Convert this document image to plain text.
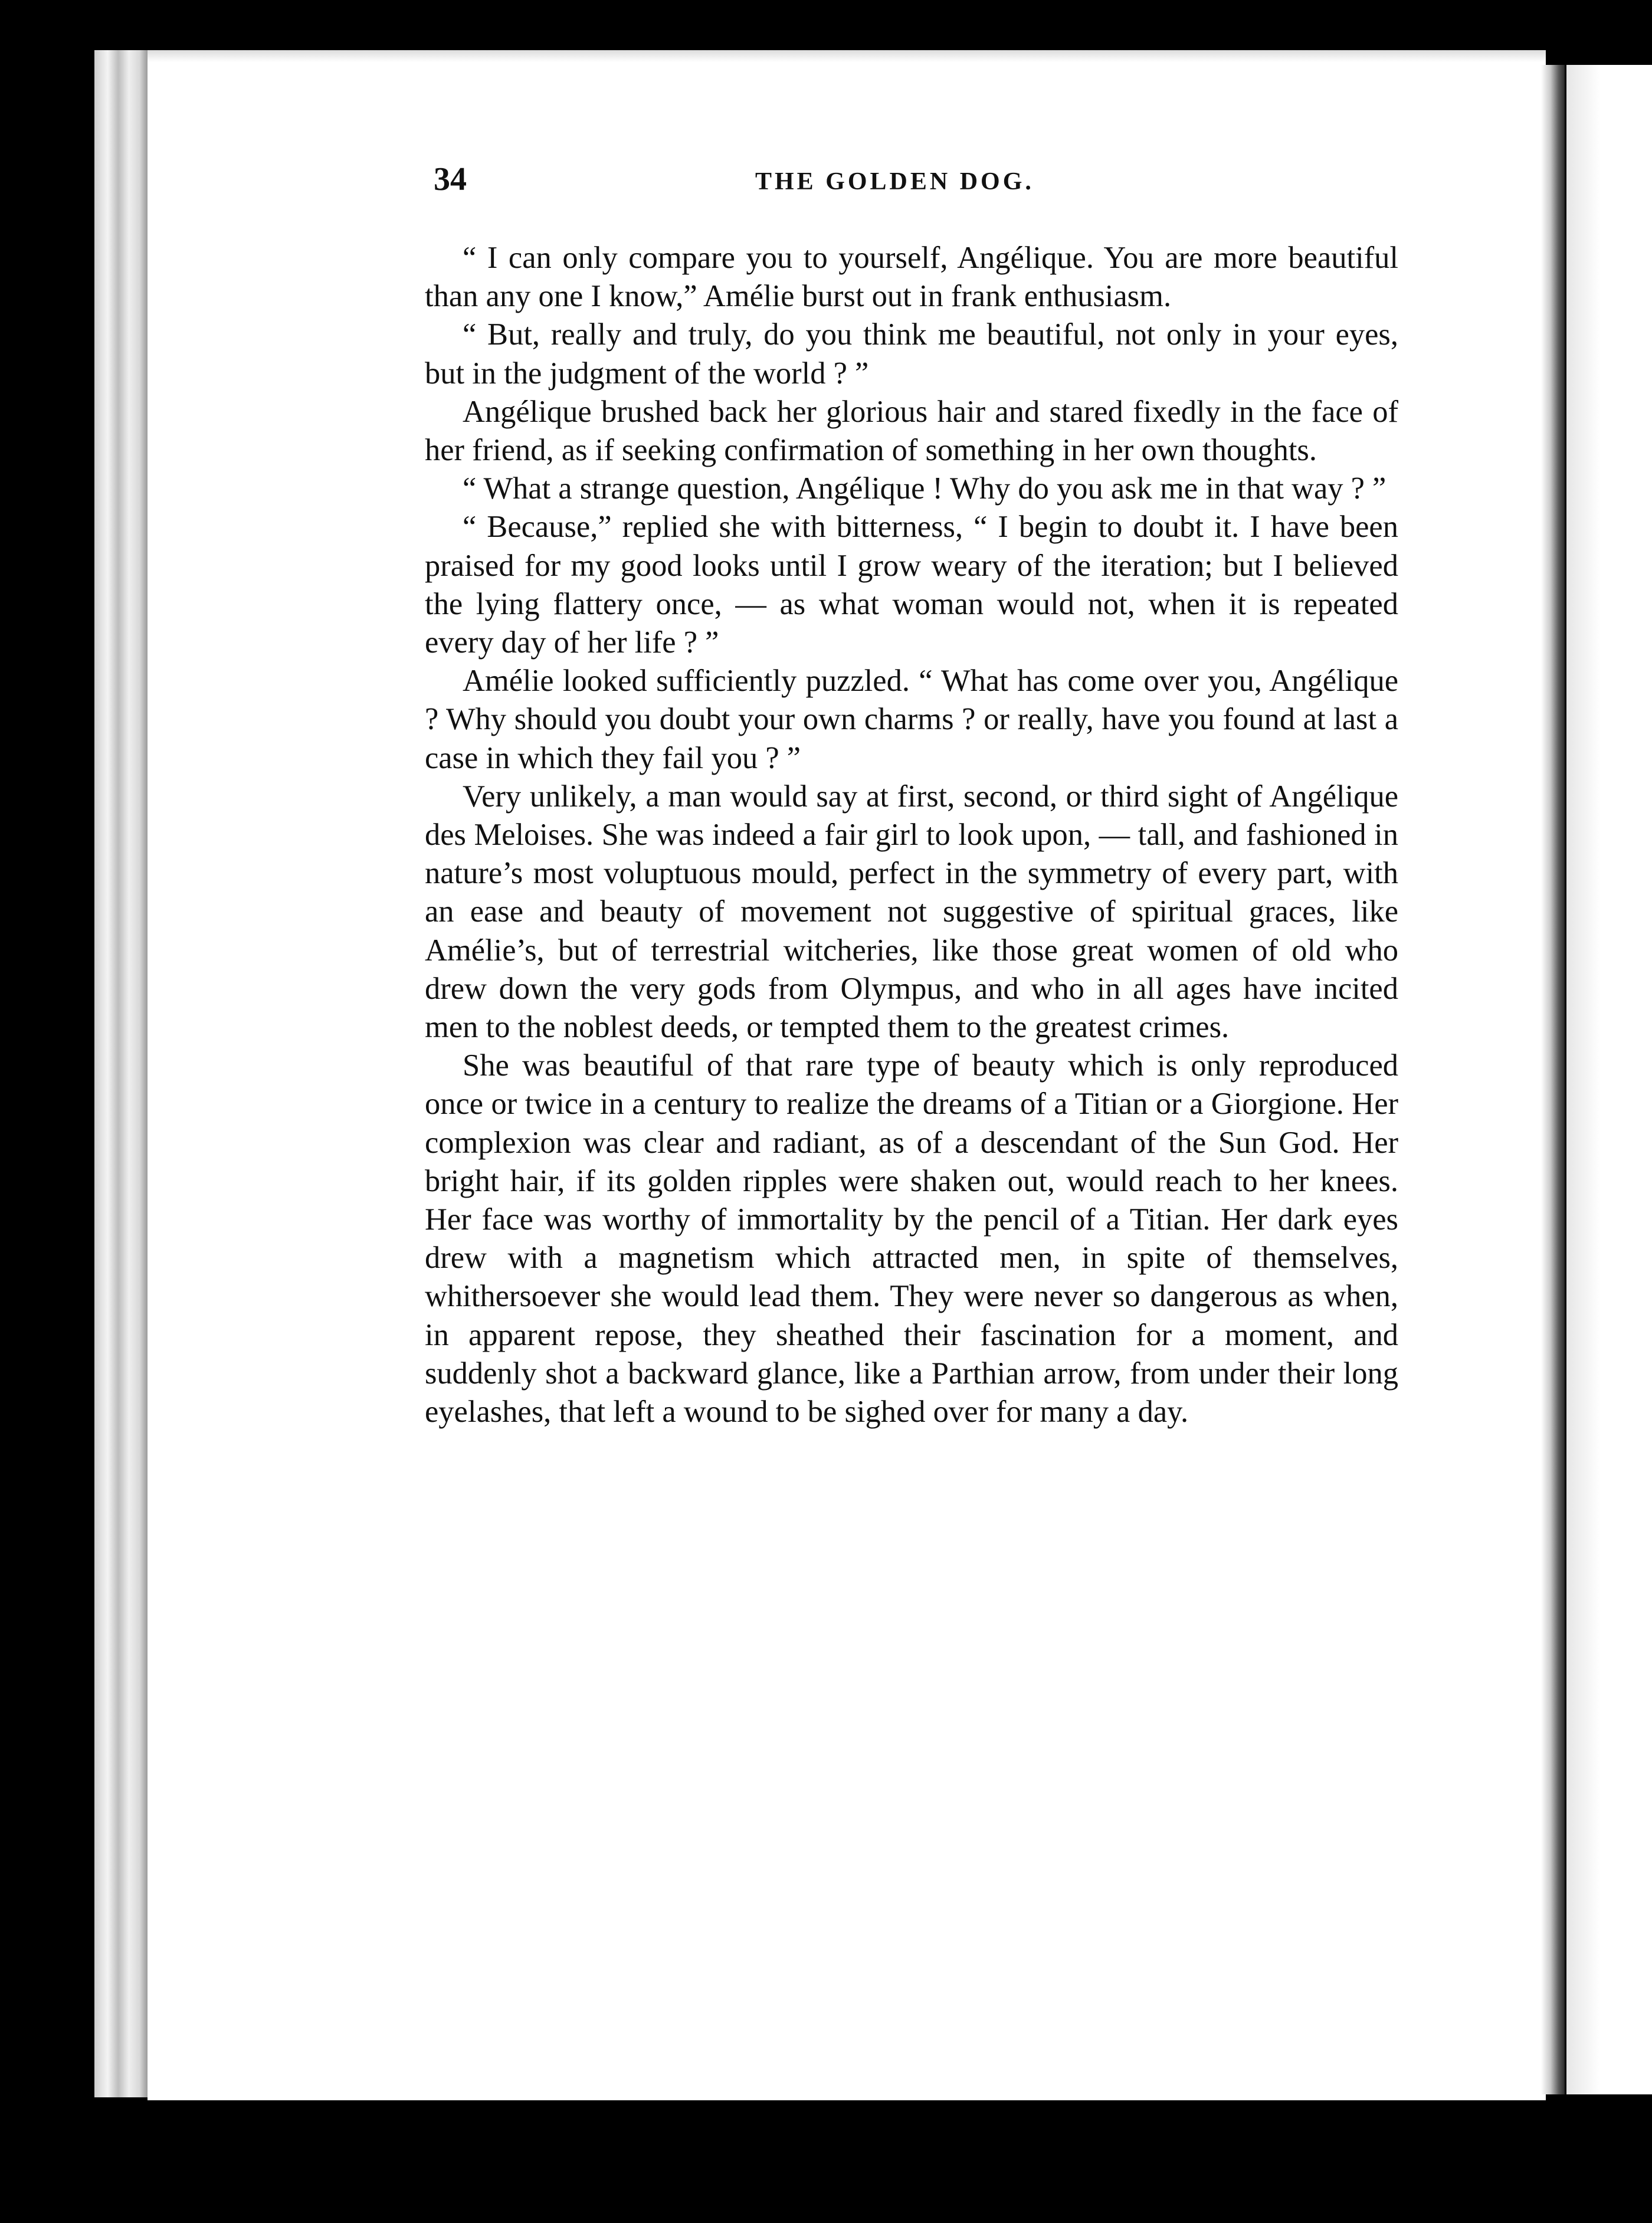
34	THE GOLDEN DOG.

“ I can only compare you to yourself, Angélique. You are more beautiful than any one I know,” Amélie burst out in frank enthusiasm.

“ But, really and truly, do you think me beautiful, not only in your eyes, but in the judgment of the world ? ”

Angélique brushed back her glorious hair and stared fixedly in the face of her friend, as if seeking confirmation of something in her own thoughts.

“ What a strange question, Angélique ! Why do you ask me in that way ? ”

“ Because,” replied she with bitterness, “ I begin to doubt it. I have been praised for my good looks until I grow weary of the iteration; but I believed the lying flattery once, — as what woman would not, when it is repeated every day of her life ? ”

Amélie looked sufficiently puzzled. “ What has come over you, Angélique ? Why should you doubt your own charms ? or really, have you found at last a case in which they fail you ? ”

Very unlikely, a man would say at first, second, or third sight of Angélique des Meloises. She was indeed a fair girl to look upon, — tall, and fashioned in nature’s most voluptuous mould, perfect in the symmetry of every part, with an ease and beauty of movement not suggestive of spiritual graces, like Amélie’s, but of terrestrial witcheries, like those great women of old who drew down the very gods from Olympus, and who in all ages have incited men to the noblest deeds, or tempted them to the greatest crimes.

She was beautiful of that rare type of beauty which is only reproduced once or twice in a century to realize the dreams of a Titian or a Giorgione. Her complexion was clear and radiant, as of a descendant of the Sun God. Her bright hair, if its golden ripples were shaken out, would reach to her knees. Her face was worthy of immortality by the pencil of a Titian. Her dark eyes drew with a magnetism which attracted men, in spite of themselves, whithersoever she would lead them. They were never so dangerous as when, in apparent repose, they sheathed their fascination for a moment, and suddenly shot a backward glance, like a Parthian arrow, from under their long eyelashes, that left a wound to be sighed over for many a day.
